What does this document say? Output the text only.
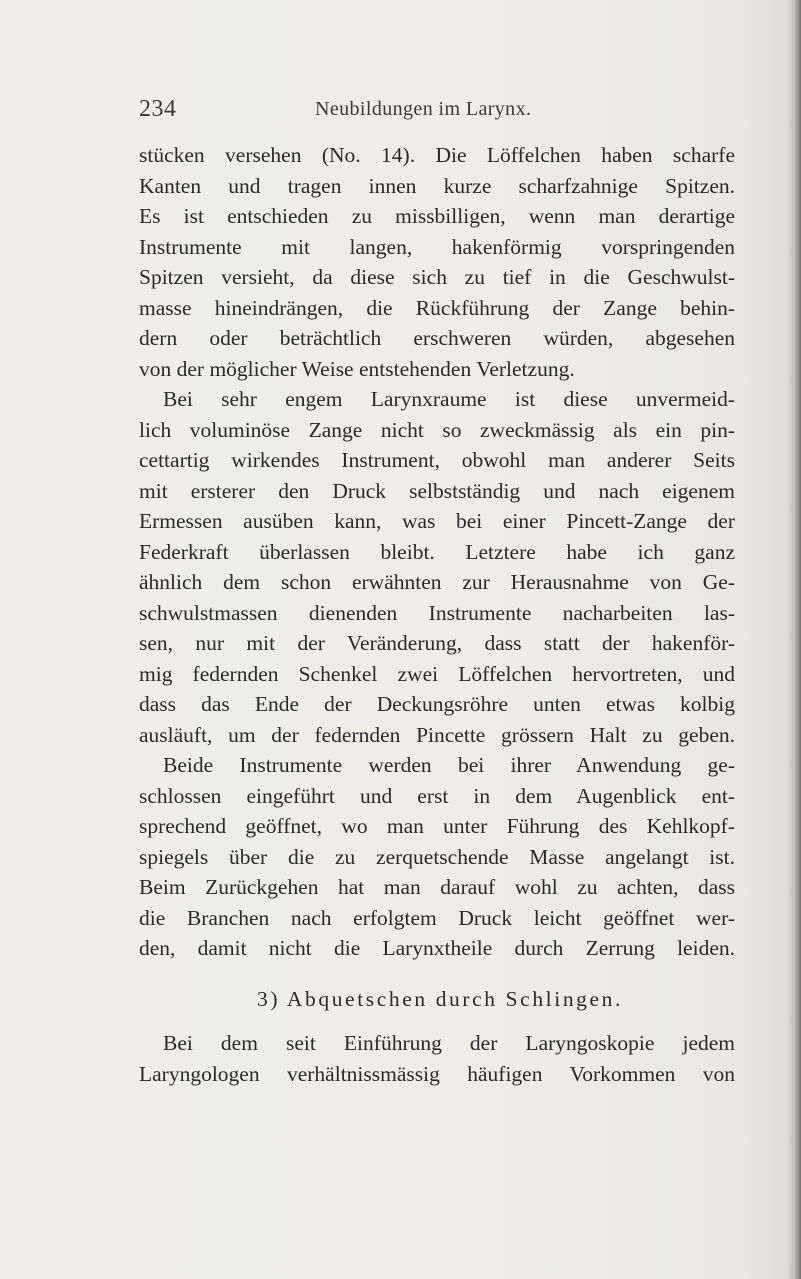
234	Neubildungen im Larynx.
stücken versehen (No. 14). Die Löffelchen haben scharfe
Kanten und tragen innen kurze scharfzahnige Spitzen.
Es ist entschieden zu missbilligen, wenn man derartige
Instrumente mit langen, hakenförmig vorspringenden
Spitzen versieht, da diese sich zu tief in die Geschwulst-
masse hineindrängen, die Rückführung der Zange behin-
dern oder beträchtlich erschweren würden, abgesehen
von der möglicher Weise entstehenden Verletzung.
Bei sehr engem Larynxraume ist diese unvermeid-
lich voluminöse Zange nicht so zweckmässig als ein pin-
cettartig wirkendes Instrument, obwohl man anderer Seits
mit ersterer den Druck selbstständig und nach eigenem
Ermessen ausüben kann, was bei einer Pincett-Zange der
Federkraft überlassen bleibt. Letztere habe ich ganz
ähnlich dem schon erwähnten zur Herausnahme von Ge-
schwulstmassen dienenden Instrumente nacharbeiten las-
sen, nur mit der Veränderung, dass statt der hakenför-
mig federnden Schenkel zwei Löffelchen hervortreten, und
dass das Ende der Deckungsröhre unten etwas kolbig
ausläuft, um der federnden Pincette grössern Halt zu geben.
Beide Instrumente werden bei ihrer Anwendung ge-
schlossen eingeführt und erst in dem Augenblick ent-
sprechend geöffnet, wo man unter Führung des Kehlkopf-
spiegels über die zu zerquetschende Masse angelangt ist.
Beim Zurückgehen hat man darauf wohl zu achten, dass
die Branchen nach erfolgtem Druck leicht geöffnet wer-
den, damit nicht die Larynxtheile durch Zerrung leiden.
3) Abquetschen durch Schlingen.
Bei dem seit Einführung der Laryngoskopie jedem
Laryngologen verhältnissmässig häufigen Vorkommen von
